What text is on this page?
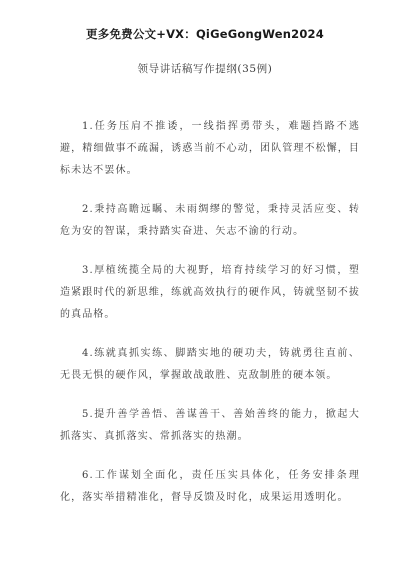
更多免费公文+VX：QiGeGongWen2024
领导讲话稿写作提纲(35例)

1.任务压肩不推诿，一线指挥勇带头，难题挡路不逃避，精细做事不疏漏，诱惑当前不心动，团队管理不松懈，目标未达不罢休。

2.秉持高瞻远瞩、未雨绸缪的警觉，秉持灵活应变、转危为安的智谋，秉持踏实奋进、矢志不渝的行动。

3.厚植统揽全局的大视野，培育持续学习的好习惯，塑造紧跟时代的新思维，练就高效执行的硬作风，铸就坚韧不拔的真品格。

4.练就真抓实练、脚踏实地的硬功夫，铸就勇往直前、无畏无惧的硬作风，掌握敢战敢胜、克敌制胜的硬本领。

5.提升善学善悟、善谋善干、善始善终的能力，掀起大抓落实、真抓落实、常抓落实的热潮。

6.工作谋划全面化，责任压实具体化，任务安排条理化，落实举措精准化，督导反馈及时化，成果运用透明化。
